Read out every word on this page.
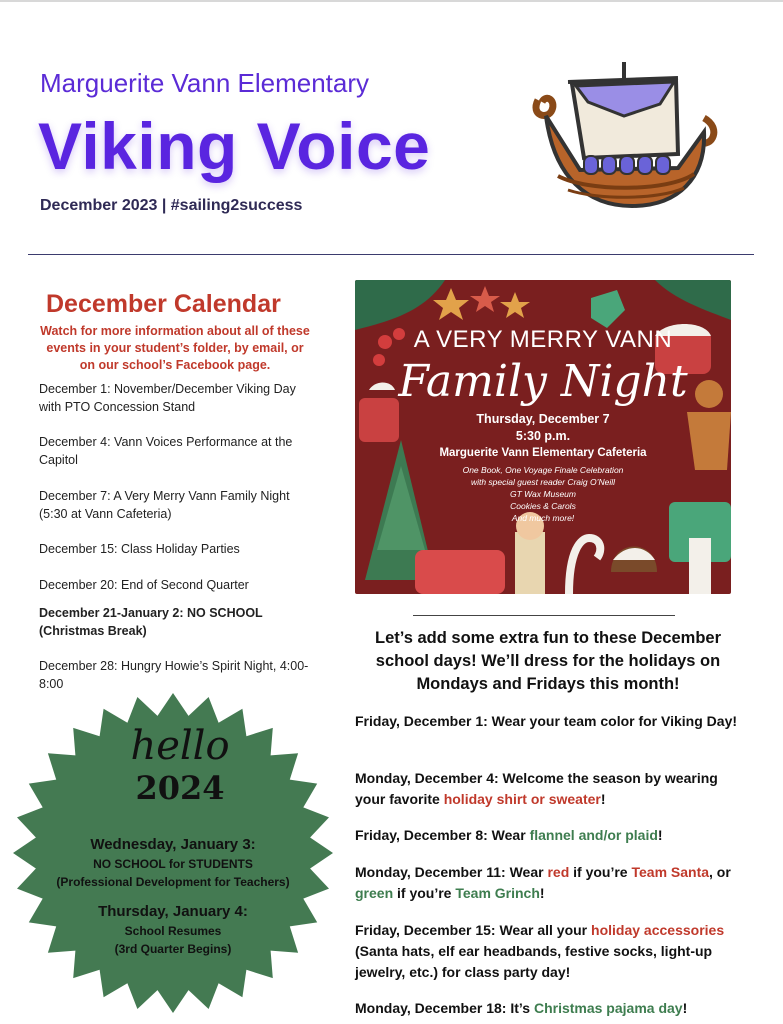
Marguerite Vann Elementary
Viking Voice
December 2023 | #sailing2success
December Calendar
Watch for more information about all of these events in your student’s folder, by email, or on our school’s Facebook page.
December 1: November/December Viking Day with PTO Concession Stand
December 4: Vann Voices Performance at the Capitol
December 7: A Very Merry Vann Family Night (5:30 at Vann Cafeteria)
December 15: Class Holiday Parties
December 20: End of Second Quarter
December 21-January 2: NO SCHOOL (Christmas Break)
December 28: Hungry Howie’s Spirit Night, 4:00-8:00
hello
2024
Wednesday, January 3:
NO SCHOOL for STUDENTS
(Professional Development for Teachers)
Thursday, January 4:
School Resumes
(3rd Quarter Begins)
A VERY MERRY VANN
Family Night
Thursday, December 7
5:30 p.m.
Marguerite Vann Elementary Cafeteria
One Book, One Voyage Finale Celebration
with special guest reader Craig O’Neill
GT Wax Museum
Cookies & Carols
And much more!
Let’s add some extra fun to these December school days! We’ll dress for the holidays on Mondays and Fridays this month!
Friday, December 1: Wear your team color for Viking Day!
Monday, December 4: Welcome the season by wearing your favorite holiday shirt or sweater!
Friday, December 8: Wear flannel and/or plaid!
Monday, December 11: Wear red if you’re Team Santa, or green if you’re Team Grinch!
Friday, December 15: Wear all your holiday accessories (Santa hats, elf ear headbands, festive socks, light-up jewelry, etc.) for class party day!
Monday, December 18: It’s Christmas pajama day!
